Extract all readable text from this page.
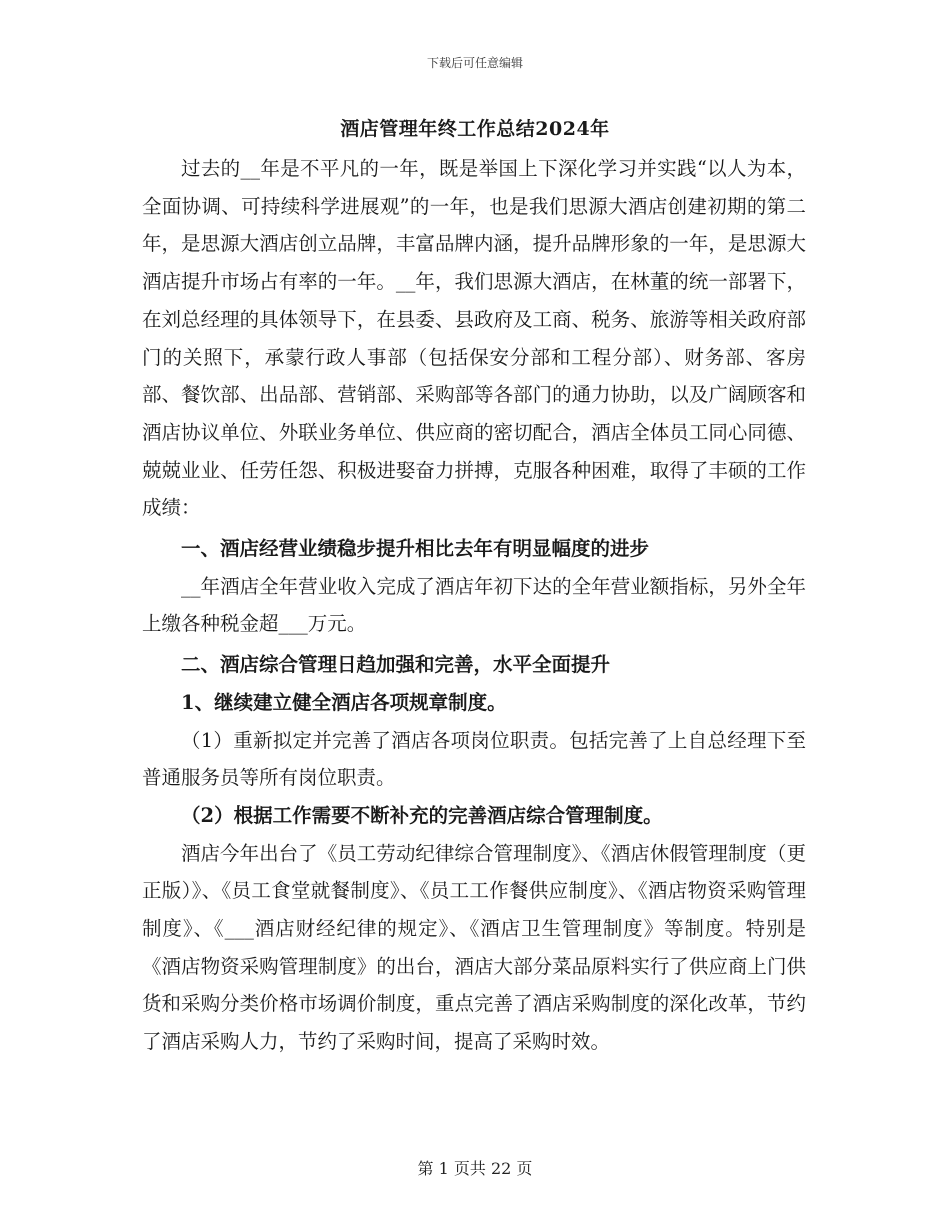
下载后可任意编辑
酒店管理年终工作总结2024年

过去的__年是不平凡的一年，既是举国上下深化学习并实践“以人为本，全面协调、可持续科学进展观”的一年，也是我们思源大酒店创建初期的第二年，是思源大酒店创立品牌，丰富品牌内涵，提升品牌形象的一年，是思源大酒店提升市场占有率的一年。__年，我们思源大酒店，在林董的统一部署下，在刘总经理的具体领导下，在县委、县政府及工商、税务、旅游等相关政府部门的关照下，承蒙行政人事部（包括保安分部和工程分部）、财务部、客房部、餐饮部、出品部、营销部、采购部等各部门的通力协助，以及广阔顾客和酒店协议单位、外联业务单位、供应商的密切配合，酒店全体员工同心同德、兢兢业业、任劳任怨、积极进娶奋力拼搏，克服各种困难，取得了丰硕的工作成绩：

一、酒店经营业绩稳步提升相比去年有明显幅度的进步

__年酒店全年营业收入完成了酒店年初下达的全年营业额指标，另外全年上缴各种税金超___万元。

二、酒店综合管理日趋加强和完善，水平全面提升

1、继续建立健全酒店各项规章制度。

（1）重新拟定并完善了酒店各项岗位职责。包括完善了上自总经理下至普通服务员等所有岗位职责。

（2）根据工作需要不断补充的完善酒店综合管理制度。

酒店今年出台了《员工劳动纪律综合管理制度》、《酒店休假管理制度（更正版）》、《员工食堂就餐制度》、《员工工作餐供应制度》、《酒店物资采购管理制度》、《___酒店财经纪律的规定》、《酒店卫生管理制度》等制度。特别是《酒店物资采购管理制度》的出台，酒店大部分菜品原料实行了供应商上门供货和采购分类价格市场调价制度，重点完善了酒店采购制度的深化改革，节约了酒店采购人力，节约了采购时间，提高了采购时效。

第 1 页共 22 页
